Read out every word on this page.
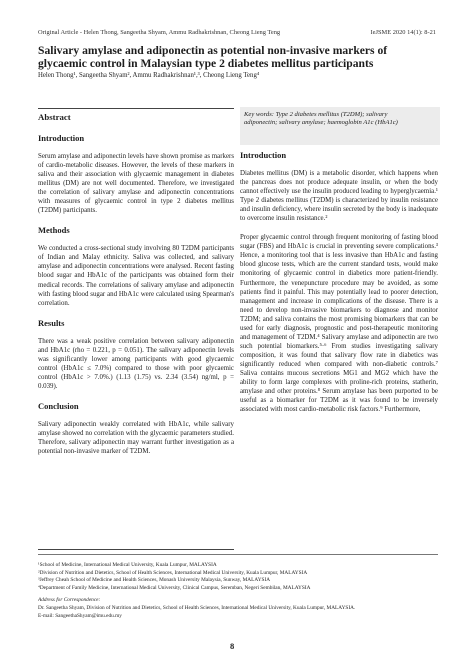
Original Article - Helen Thong, Sangeetha Shyam, Ammu Radhakrishnan, Cheong Lieng Teng	IeJSME 2020 14(1): 8-21
Salivary amylase and adiponectin as potential non-invasive markers of glycaemic control in Malaysian type 2 diabetes mellitus participants
Helen Thong¹, Sangeetha Shyam², Ammu Radhakrishnan¹,³, Cheong Lieng Teng⁴
Abstract
Introduction

Serum amylase and adiponectin levels have shown promise as markers of cardio-metabolic diseases. However, the levels of these markers in saliva and their association with glycaemic management in diabetes mellitus (DM) are not well documented. Therefore, we investigated the correlation of salivary amylase and adiponectin concentrations with measures of glycaemic control in type 2 diabetes mellitus (T2DM) participants.

Methods

We conducted a cross-sectional study involving 80 T2DM participants of Indian and Malay ethnicity. Saliva was collected, and salivary amylase and adiponectin concentrations were analysed. Recent fasting blood sugar and HbA1c of the participants was obtained form their medical records. The correlations of salivary amylase and adiponectin with fasting blood sugar and HbA1c were calculated using Spearman's correlation.

Results

There was a weak positive correlation between salivary adiponectin and HbA1c (rho = 0.221, p = 0.051). The salivary adiponectin levels was significantly lower among participants with good glycaemic control (HbA1c ≤ 7.0%) compared to those with poor glycaemic control (HbA1c > 7.0%.) (1.13 (1.75) vs. 2.34 (3.54) ng/ml, p = 0.039).

Conclusion

Salivary adiponectin weakly correlated with HbA1c, while salivary amylase showed no correlation with the glycaemic parameters studied. Therefore, salivary adiponectin may warrant further investigation as a potential non-invasive marker of T2DM.

Key words: Type 2 diabetes mellitus (T2DM); salivary
adiponectin; salivary amylase; haemoglobin A1c (HbA1c)
Introduction

Diabetes mellitus (DM) is a metabolic disorder, which happens when the pancreas does not produce adequate insulin, or when the body cannot effectively use the insulin produced leading to hyperglycaemia.¹ Type 2 diabetes mellitus (T2DM) is characterized by insulin resistance and insulin deficiency, where insulin secreted by the body is inadequate to overcome insulin resistance.²

Proper glycaemic control through frequent monitoring of fasting blood sugar (FBS) and HbA1c is crucial in preventing severe complications.³ Hence, a monitoring tool that is less invasive than HbA1c and fasting blood glucose tests, which are the current standard tests, would make monitoring of glycaemic control in diabetics more patient-friendly. Furthermore, the venepuncture procedure may be avoided, as some patients find it painful. This may potentially lead to poorer detection, management and increase in complications of the disease. There is a need to develop non-invasive biomarkers to diagnose and monitor T2DM; and saliva contains the most promising biomarkers that can be used for early diagnosis, prognostic and post-therapeutic monitoring and management of T2DM.⁴ Salivary amylase and adiponectin are two such potential biomarkers.⁵·⁶ From studies investigating salivary composition, it was found that salivary flow rate in diabetics was significantly reduced when compared with non-diabetic controls.⁷ Saliva contains mucous secretions MG1 and MG2 which have the ability to form large complexes with proline-rich proteins, statherin, amylase and other proteins.⁸ Serum amylase has been purported to be useful as a biomarker for T2DM as it was found to be inversely associated with most cardio-metabolic risk factors.⁹ Furthermore,

¹School of Medicine, International Medical University, Kuala Lumpur, MALAYSIA
²Division of Nutrition and Dietetics, School of Health Sciences, International Medical University, Kuala Lumpur, MALAYSIA
³Jeffrey Cheah School of Medicine and Health Sciences, Monash University Malaysia, Sunway, MALAYSIA
⁴Department of Family Medicine, International Medical University, Clinical Campus, Seremban, Negeri Sembilan, MALAYSIA
Address for Correspondence:
Dr. Sangeetha Shyam, Division of Nutrition and Dietetics, School of Health Sciences, International Medical University, Kuala Lumpur, MALAYSIA.
E-mail: SangeethaShyam@imu.edu.my
8
